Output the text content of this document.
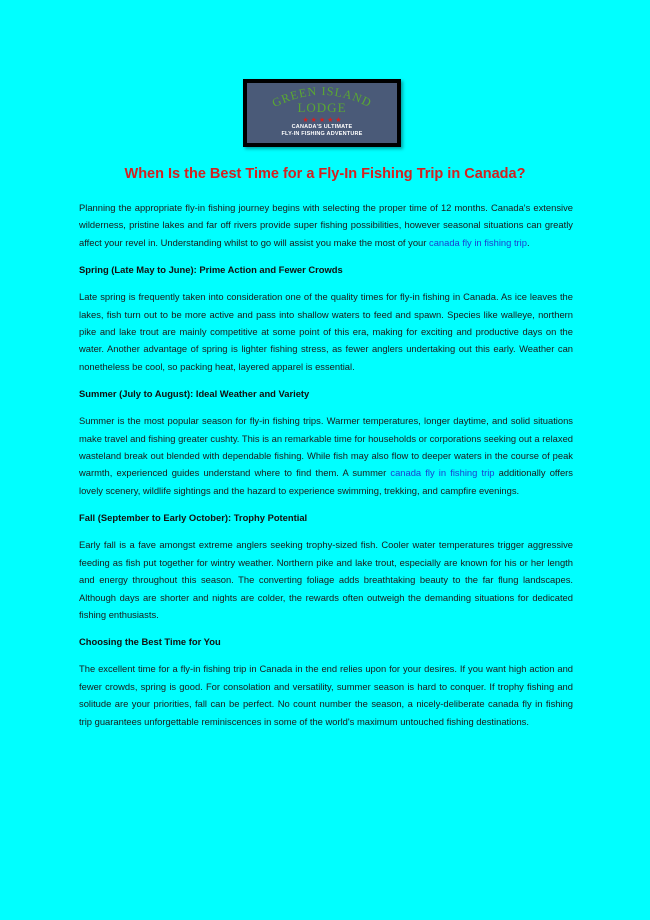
GREEN ISLAND
LODGE
★ ★ ★ ★ ★
CANADA'S ULTIMATE
FLY-IN FISHING ADVENTURE
When Is the Best Time for a Fly-In Fishing Trip in Canada?

Planning the appropriate fly-in fishing journey begins with selecting the proper time of 12 months. Canada's extensive wilderness, pristine lakes and far off rivers provide super fishing possibilities, however seasonal situations can greatly affect your revel in. Understanding whilst to go will assist you make the most of your canada fly in fishing trip.

Spring (Late May to June): Prime Action and Fewer Crowds

Late spring is frequently taken into consideration one of the quality times for fly-in fishing in Canada. As ice leaves the lakes, fish turn out to be more active and pass into shallow waters to feed and spawn. Species like walleye, northern pike and lake trout are mainly competitive at some point of this era, making for exciting and productive days on the water. Another advantage of spring is lighter fishing stress, as fewer anglers undertaking out this early. Weather can nonetheless be cool, so packing heat, layered apparel is essential.

Summer (July to August): Ideal Weather and Variety

Summer is the most popular season for fly-in fishing trips. Warmer temperatures, longer daytime, and solid situations make travel and fishing greater cushty. This is an remarkable time for households or corporations seeking out a relaxed wasteland break out blended with dependable fishing. While fish may also flow to deeper waters in the course of peak warmth, experienced guides understand where to find them. A summer canada fly in fishing trip additionally offers lovely scenery, wildlife sightings and the hazard to experience swimming, trekking, and campfire evenings.

Fall (September to Early October): Trophy Potential

Early fall is a fave amongst extreme anglers seeking trophy-sized fish. Cooler water temperatures trigger aggressive feeding as fish put together for wintry weather. Northern pike and lake trout, especially are known for his or her length and energy throughout this season. The converting foliage adds breathtaking beauty to the far flung landscapes. Although days are shorter and nights are colder, the rewards often outweigh the demanding situations for dedicated fishing enthusiasts.

Choosing the Best Time for You

The excellent time for a fly-in fishing trip in Canada in the end relies upon for your desires. If you want high action and fewer crowds, spring is good. For consolation and versatility, summer season is hard to conquer. If trophy fishing and solitude are your priorities, fall can be perfect. No count number the season, a nicely-deliberate canada fly in fishing trip guarantees unforgettable reminiscences in some of the world's maximum untouched fishing destinations.
